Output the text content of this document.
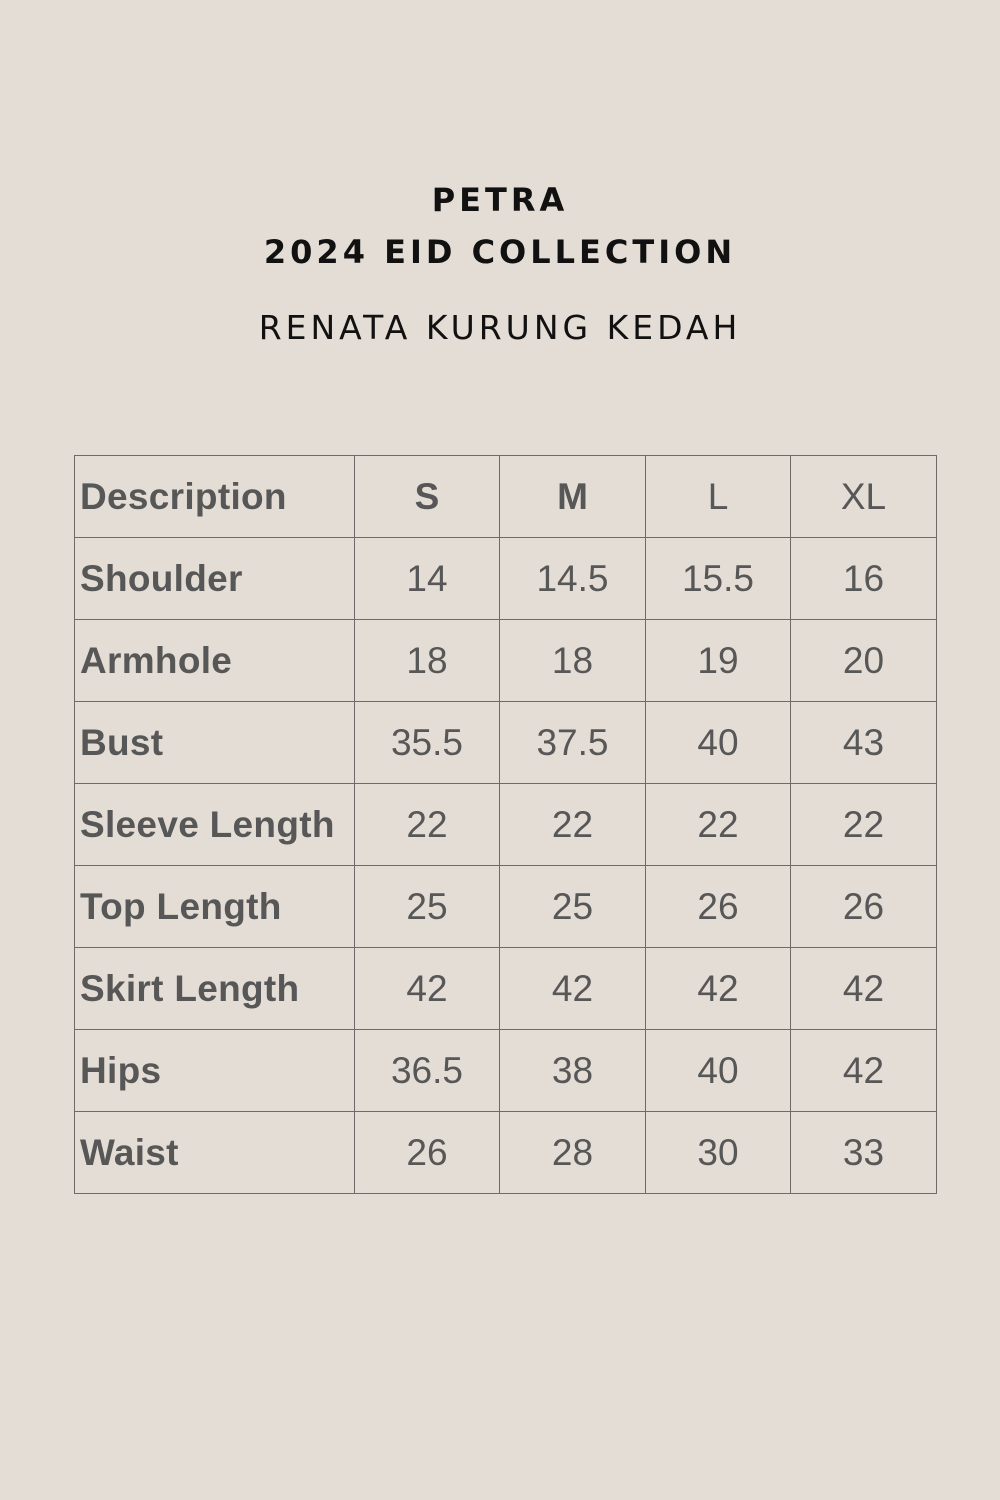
PETRA
2024 EID COLLECTION
RENATA KURUNG KEDAH
Description	S	M	L	XL
Shoulder	14	14.5	15.5	16
Armhole	18	18	19	20
Bust	35.5	37.5	40	43
Sleeve Length	22	22	22	22
Top Length	25	25	26	26
Skirt Length	42	42	42	42
Hips	36.5	38	40	42
Waist	26	28	30	33
